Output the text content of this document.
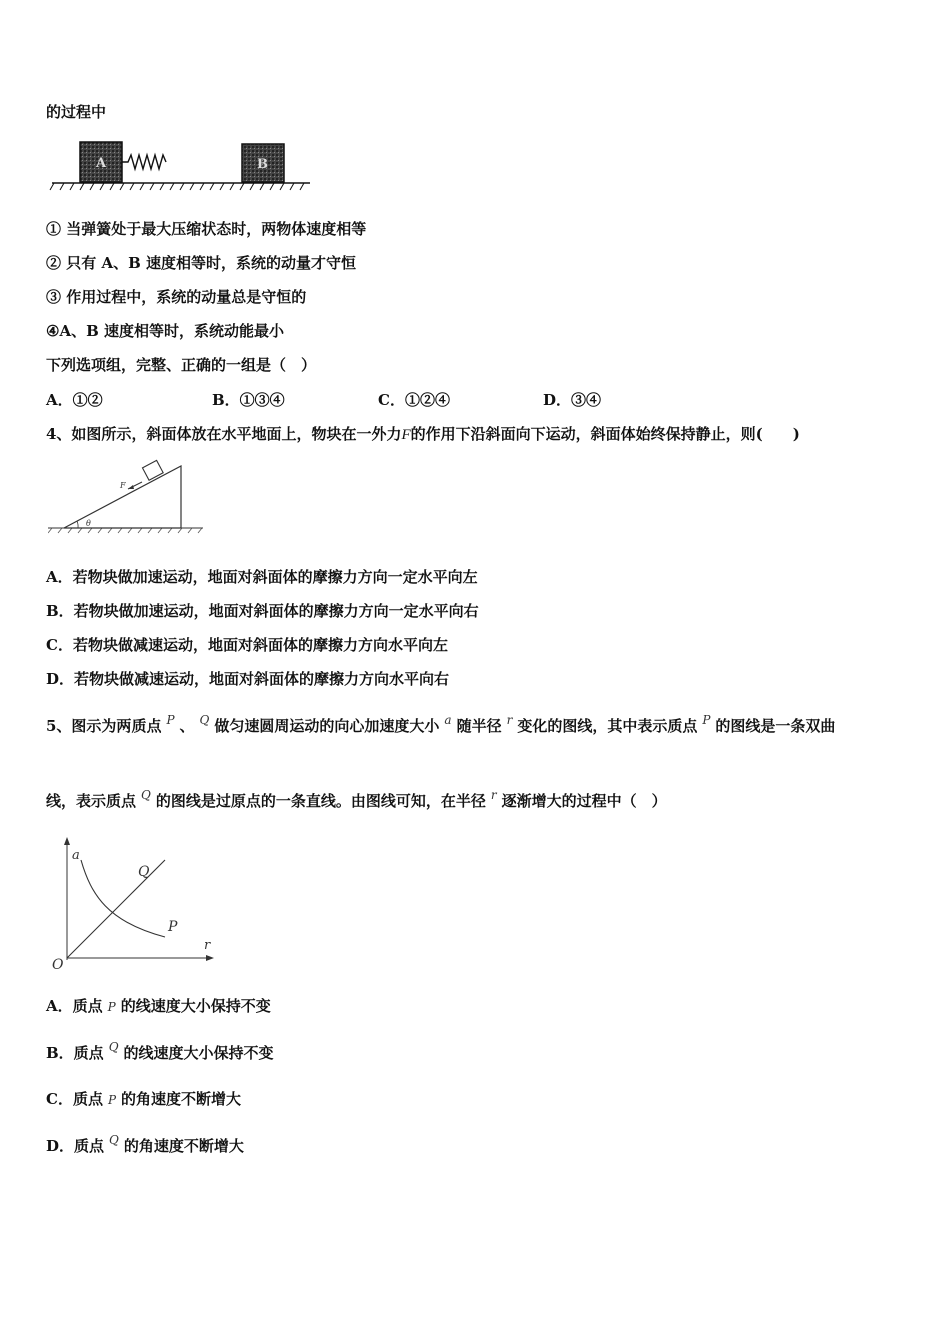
的过程中
A	B
① 当弹簧处于最大压缩状态时，两物体速度相等
② 只有 A、B 速度相等时，系统的动量才守恒
③ 作用过程中，系统的动量总是守恒的
④A、B 速度相等时，系统动能最小
下列选项组，完整、正确的一组是（　）
A．①②	B．①③④	C．①②④	D．③④
4、如图所示，斜面体放在水平地面上，物块在一外力F的作用下沿斜面向下运动，斜面体始终保持静止，则(　　)
F
θ
A．若物块做加速运动，地面对斜面体的摩擦力方向一定水平向左
B．若物块做加速运动，地面对斜面体的摩擦力方向一定水平向右
C．若物块做减速运动，地面对斜面体的摩擦力方向水平向左
D．若物块做减速运动，地面对斜面体的摩擦力方向水平向右
5、图示为两质点 $^P$ 、 $^Q$ 做匀速圆周运动的向心加速度大小 $^a$ 随半径 $^r$ 变化的图线，其中表示质点 $^P$ 的图线是一条双曲
线，表示质点 $^Q$ 的图线是过原点的一条直线。由图线可知，在半径 $^r$ 逐渐增大的过程中（　）
a
r
O
Q
P
A．质点 P 的线速度大小保持不变
B．质点 $^Q$ 的线速度大小保持不变
C．质点 P 的角速度不断增大
D．质点 $^Q$ 的角速度不断增大
